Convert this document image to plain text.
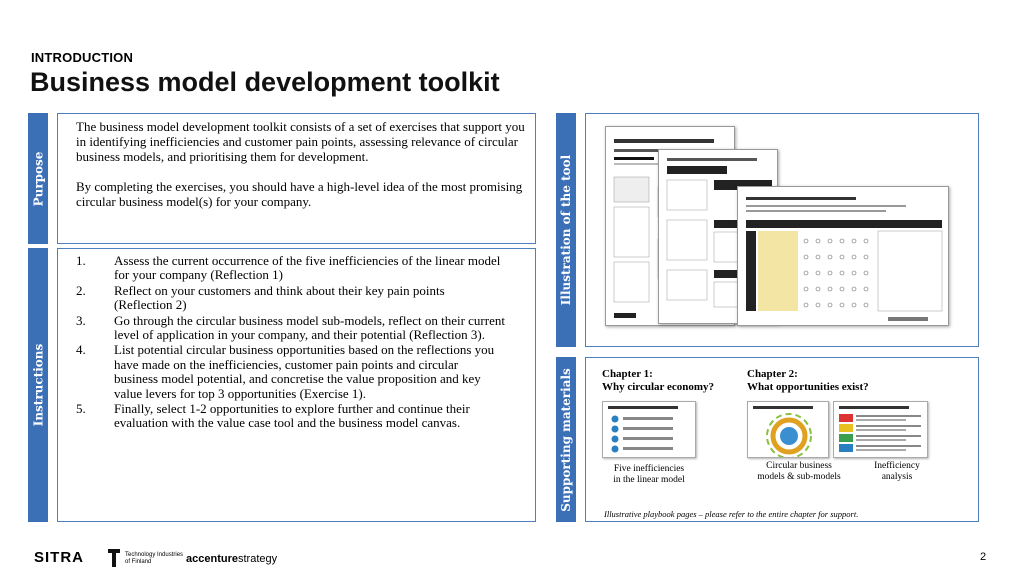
INTRODUCTION
Business model development toolkit
Purpose

The business model development toolkit consists of a set of exercises that support you in identifying inefficiencies and customer pain points, assessing relevance of circular business models, and prioritising them for development.

By completing the exercises, you should have a high-level idea of the most promising circular business model(s) for your company.

Instructions
1.	Assess the current occurrence of the five inefficiencies of the linear model for your company (Reflection 1)
2.	Reflect on your customers and think about their key pain points (Reflection 2)
3.	Go through the circular business model sub-models, reflect on their current level of application in your company, and their potential (Reflection 3).
4.	List potential circular business opportunities based on the reflections you have made on the inefficiencies, customer pain points and circular business model potential, and concretise the value proposition and key value levers for top 3 opportunities (Exercise 1).
5.	Finally, select 1-2 opportunities to explore further and continue their evaluation with the value case tool and the business model canvas.
Illustration of the tool
Supporting materials	Chapter 1:
Why circular economy?
Chapter 2:
What opportunities exist?
Five inefficiencies
in the linear model
Circular business
models & sub-models
Inefficiency
analysis
Illustrative playbook pages – please refer to the entire chapter for support.
SITRA	Technology Industries
of Finland	accenturestrategy	2
